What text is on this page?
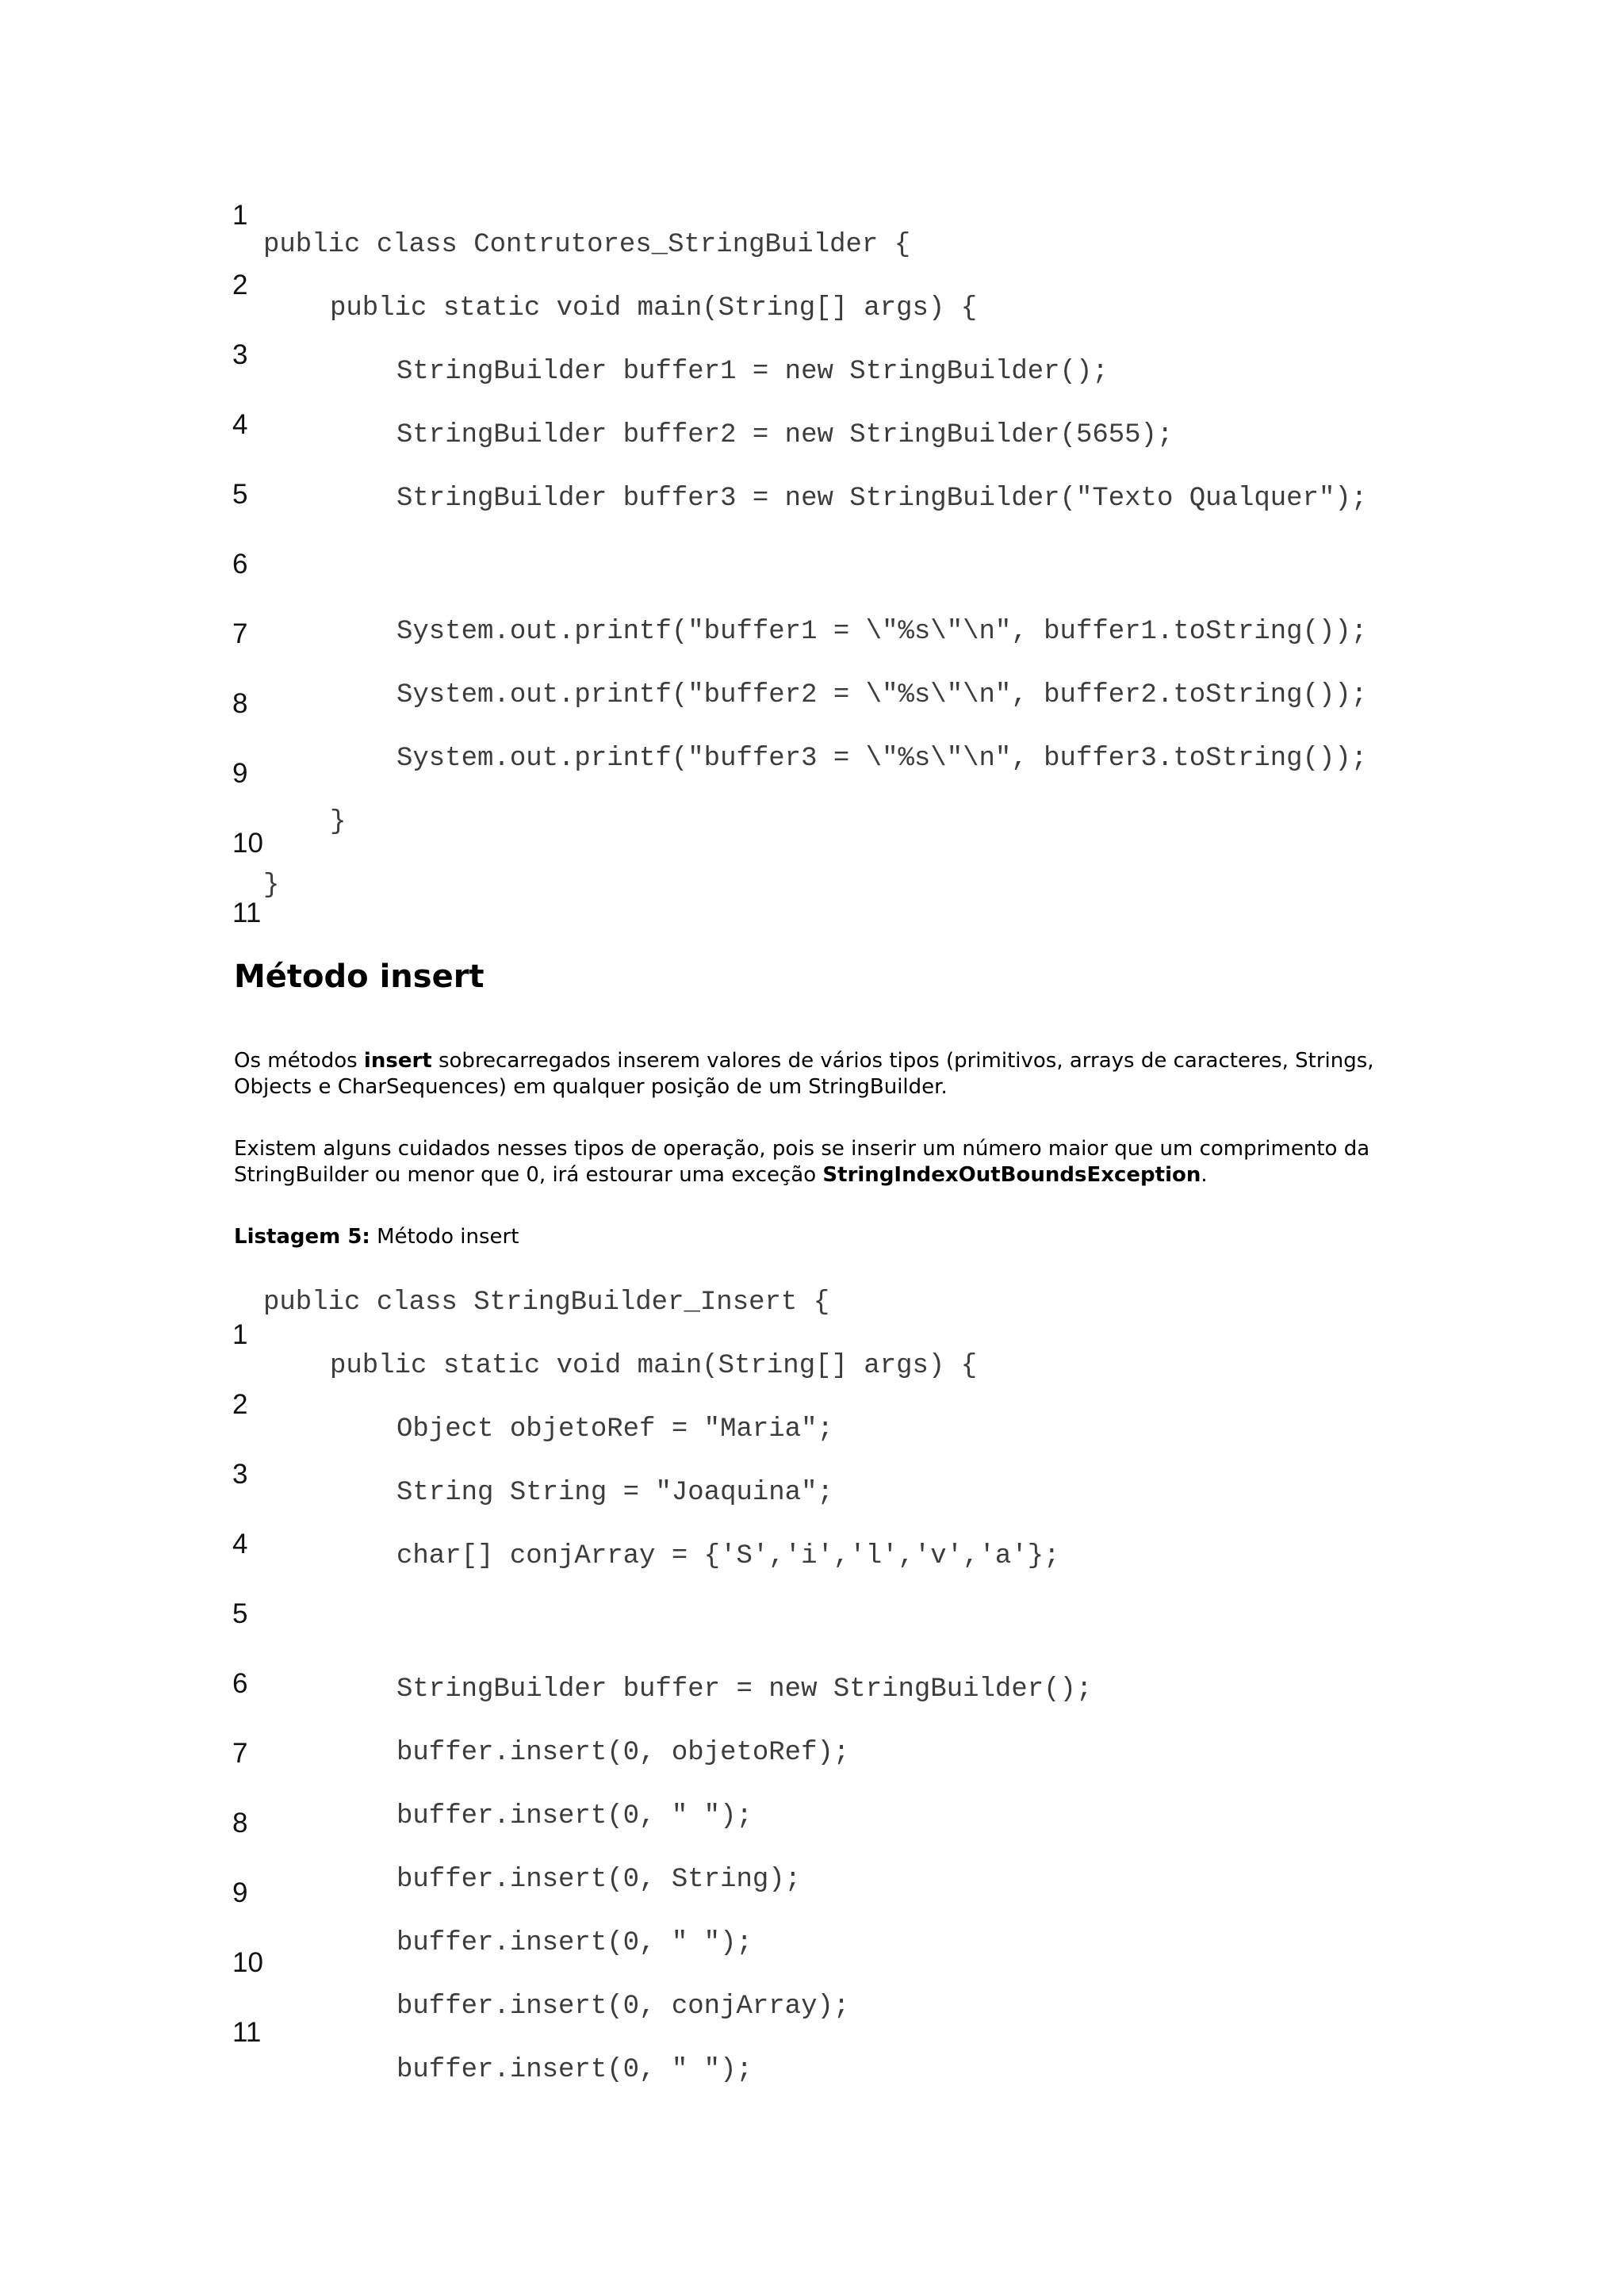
1
2
3
4
5
6
7
8
9
10
11
public class Contrutores_StringBuilder {
public static void main(String[] args) {
StringBuilder buffer1 = new StringBuilder();
StringBuilder buffer2 = new StringBuilder(5655);
StringBuilder buffer3 = new StringBuilder("Texto Qualquer");
System.out.printf("buffer1 = \"%s\"\n", buffer1.toString());
System.out.printf("buffer2 = \"%s\"\n", buffer2.toString());
System.out.printf("buffer3 = \"%s\"\n", buffer3.toString());
}
}
Método insert

Os métodos insert sobrecarregados inserem valores de vários tipos (primitivos, arrays de caracteres, Strings,
Objects e CharSequences) em qualquer posição de um StringBuilder.

Existem alguns cuidados nesses tipos de operação, pois se inserir um número maior que um comprimento da
StringBuilder ou menor que 0, irá estourar uma exceção StringIndexOutBoundsException.

Listagem 5: Método insert

1
2
3
4
5
6
7
8
9
10
11
public class StringBuilder_Insert {
public static void main(String[] args) {
Object objetoRef = "Maria";
String String = "Joaquina";
char[] conjArray = {'S','i','l','v','a'};
StringBuilder buffer = new StringBuilder();
buffer.insert(0, objetoRef);
buffer.insert(0, " ");
buffer.insert(0, String);
buffer.insert(0, " ");
buffer.insert(0, conjArray);
buffer.insert(0, " ");
